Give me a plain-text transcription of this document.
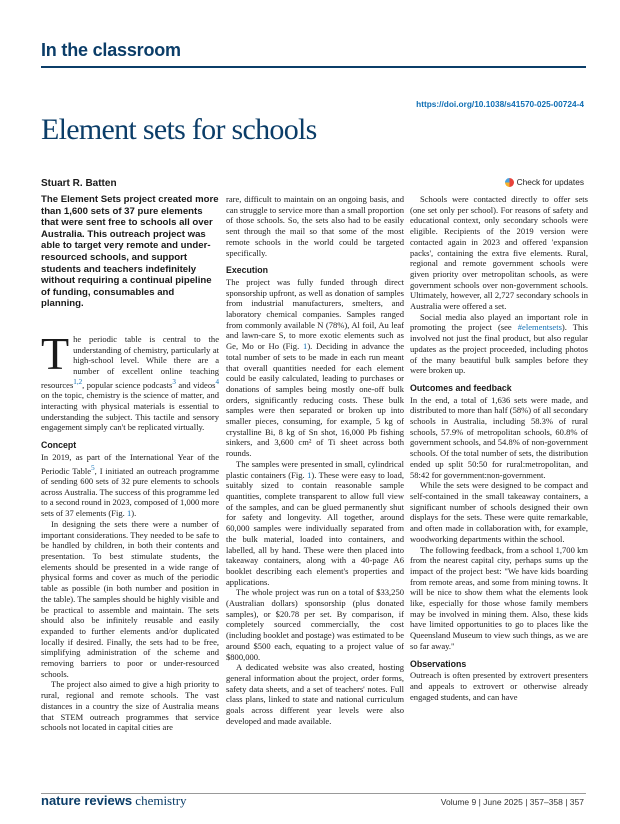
In the classroom
https://doi.org/10.1038/s41570-025-00724-4
Element sets for schools
Stuart R. Batten	Check for updates

The Element Sets project created more than 1,600 sets of 37 pure elements that were sent free to schools all over Australia. This outreach project was able to target very remote and under-resourced schools, and support students and teachers indefinitely without requiring a continual pipeline of funding, consumables and planning.

The periodic table is central to the understanding of chemistry, particularly at high-school level. While there are a number of excellent online teaching resources$^{1,2}$, popular science podcasts$^3$ and videos$^4$ on the topic, chemistry is the science of matter, and interacting with physical materials is essential to understanding the subject. This tactile and sensory engagement simply can't be replicated virtually.

Concept

In 2019, as part of the International Year of the Periodic Table$^5$, I initiated an outreach programme of sending 600 sets of 32 pure elements to schools across Australia. The success of this programme led to a second round in 2023, composed of 1,000 more sets of 37 elements (Fig. 1).

In designing the sets there were a number of important considerations. They needed to be safe to be handled by children, in both their contents and presentation. To best stimulate students, the elements should be presented in a wide range of physical forms and cover as much of the periodic table as possible (in both number and position in the table). The samples should be highly visible and be practical to assemble and maintain. The sets should also be infinitely reusable and easily expanded to further elements and/or duplicated locally if desired. Finally, the sets had to be free, simplifying administration of the scheme and removing barriers to poor or under-resourced schools.

The project also aimed to give a high priority to rural, regional and remote schools. The vast distances in a country the size of Australia means that STEM outreach programmes that service schools not located in capital cities are

rare, difficult to maintain on an ongoing basis, and can struggle to service more than a small proportion of those schools. So, the sets also had to be easily sent through the mail so that some of the most remote schools in the world could be targeted specifically.

Execution

The project was fully funded through direct sponsorship upfront, as well as donation of samples from industrial manufacturers, smelters, and laboratory chemical companies. Samples ranged from commonly available N (78%), Al foil, Au leaf and lawn-care S, to more exotic elements such as Ge, Mo or Ho (Fig. 1). Deciding in advance the total number of sets to be made in each run meant that overall quantities needed for each element could be easily calculated, leading to purchases or donations of samples being mostly one-off bulk orders, significantly reducing costs. These bulk samples were then separated or broken up into smaller pieces, consuming, for example, 5 kg of crystalline Bi, 8 kg of Sn shot, 16,000 Pb fishing sinkers, and 3,600 cm² of Ti sheet across both rounds.

The samples were presented in small, cylindrical plastic containers (Fig. 1). These were easy to load, suitably sized to contain reasonable sample quantities, complete transparent to allow full view of the samples, and can be glued permanently shut for safety and longevity. All together, around 60,000 samples were individually separated from the bulk material, loaded into containers, and labelled, all by hand. These were then placed into takeaway containers, along with a 40-page A6 booklet describing each element's properties and applications.

The whole project was run on a total of $33,250 (Australian dollars) sponsorship (plus donated samples), or $20.78 per set. By comparison, if completely sourced commercially, the cost (including booklet and postage) was estimated to be around $500 each, equating to a project value of $800,000.

A dedicated website was also created, hosting general information about the project, order forms, safety data sheets, and a set of teachers' notes. Full class plans, linked to state and national curriculum goals across different year levels were also developed and made available.

Schools were contacted directly to offer sets (one set only per school). For reasons of safety and educational context, only secondary schools were eligible. Recipients of the 2019 version were contacted again in 2023 and offered 'expansion packs', containing the extra five elements. Rural, regional and remote government schools were given priority over metropolitan schools, as were government schools over non-government schools. Ultimately, however, all 2,727 secondary schools in Australia were offered a set.

Social media also played an important role in promoting the project (see #elementsets). This involved not just the final product, but also regular updates as the project proceeded, including photos of the many beautiful bulk samples before they were broken up.

Outcomes and feedback

In the end, a total of 1,636 sets were made, and distributed to more than half (58%) of all secondary schools in Australia, including 58.3% of rural schools, 57.9% of metropolitan schools, 60.8% of government schools, and 54.8% of non-government schools. Of the total number of sets, the distribution ended up split 50:50 for rural:metropolitan, and 58:42 for government:non-government.

While the sets were designed to be compact and self-contained in the small takeaway containers, a significant number of schools designed their own displays for the sets. These were quite remarkable, and often made in collaboration with, for example, woodworking departments within the school.

The following feedback, from a school 1,700 km from the nearest capital city, perhaps sums up the impact of the project best: "We have kids boarding from remote areas, and some from mining towns. It will be nice to show them what the elements look like, especially for those whose family members may be involved in mining them. Also, these kids have limited opportunities to go to places like the Queensland Museum to view such things, as we are so far away."

Observations

Outreach is often presented by extrovert presenters and appeals to extrovert or otherwise already engaged students, and can have

nature reviews chemistry	Volume 9 | June 2025 | 357–358 | 357
